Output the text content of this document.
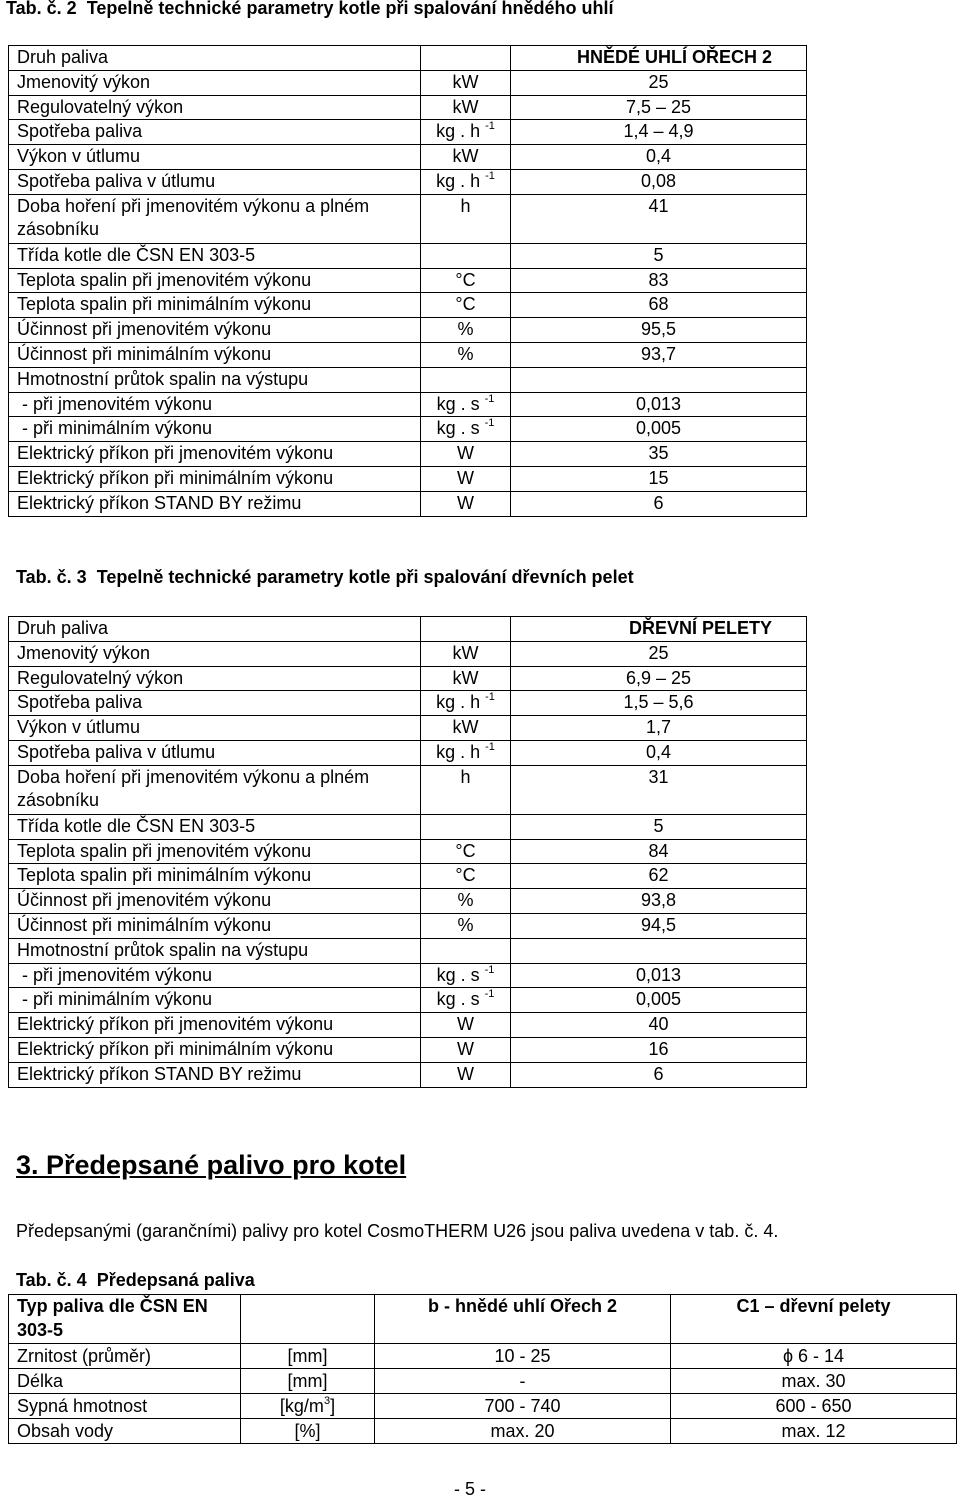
Tab. č. 2 Tepelně technické parametry kotle při spalování hnědého uhlí
Druh paliva		HNĚDÉ UHLÍ OŘECH 2
Jmenovitý výkon	kW	25
Regulovatelný výkon	kW	7,5 – 25
Spotřeba paliva	kg . h $^{-1}$	1,4 – 4,9
Výkon v útlumu	kW	0,4
Spotřeba paliva v útlumu	kg . h $^{-1}$	0,08
Doba hoření při jmenovitém výkonu a plném zásobníku	h	41
Třída kotle dle ČSN EN 303-5		5
Teplota spalin při jmenovitém výkonu	°C	83
Teplota spalin při minimálním výkonu	°C	68
Účinnost při jmenovitém výkonu	%	95,5
Účinnost při minimálním výkonu	%	93,7
Hmotnostní průtok spalin na výstupu		
- při jmenovitém výkonu	kg . s $^{-1}$	0,013
- při minimálním výkonu	kg . s $^{-1}$	0,005
Elektrický příkon při jmenovitém výkonu	W	35
Elektrický příkon při minimálním výkonu	W	15
Elektrický příkon STAND BY režimu	W	6
Tab. č. 3 Tepelně technické parametry kotle při spalování dřevních pelet
Druh paliva		DŘEVNÍ PELETY
Jmenovitý výkon	kW	25
Regulovatelný výkon	kW	6,9 – 25
Spotřeba paliva	kg . h $^{-1}$	1,5 – 5,6
Výkon v útlumu	kW	1,7
Spotřeba paliva v útlumu	kg . h $^{-1}$	0,4
Doba hoření při jmenovitém výkonu a plném zásobníku	h	31
Třída kotle dle ČSN EN 303-5		5
Teplota spalin při jmenovitém výkonu	°C	84
Teplota spalin při minimálním výkonu	°C	62
Účinnost při jmenovitém výkonu	%	93,8
Účinnost při minimálním výkonu	%	94,5
Hmotnostní průtok spalin na výstupu		
- při jmenovitém výkonu	kg . s $^{-1}$	0,013
- při minimálním výkonu	kg . s $^{-1}$	0,005
Elektrický příkon při jmenovitém výkonu	W	40
Elektrický příkon při minimálním výkonu	W	16
Elektrický příkon STAND BY režimu	W	6
3. Předepsané palivo pro kotel

Předepsanými (garančními) palivy pro kotel CosmoTHERM U26 jsou paliva uvedena v tab. č. 4.

Tab. č. 4 Předepsaná paliva
Typ paliva dle ČSN EN 303-5		b - hnědé uhlí Ořech 2	C1 – dřevní pelety
Zrnitost (průměr)	[mm]	10 - 25	ϕ 6 - 14
Délka	[mm]	-	max. 30
Sypná hmotnost	$[kg/m^3]$	700 - 740	600 - 650
Obsah vody	[%]	max. 20	max. 12
- 5 -
